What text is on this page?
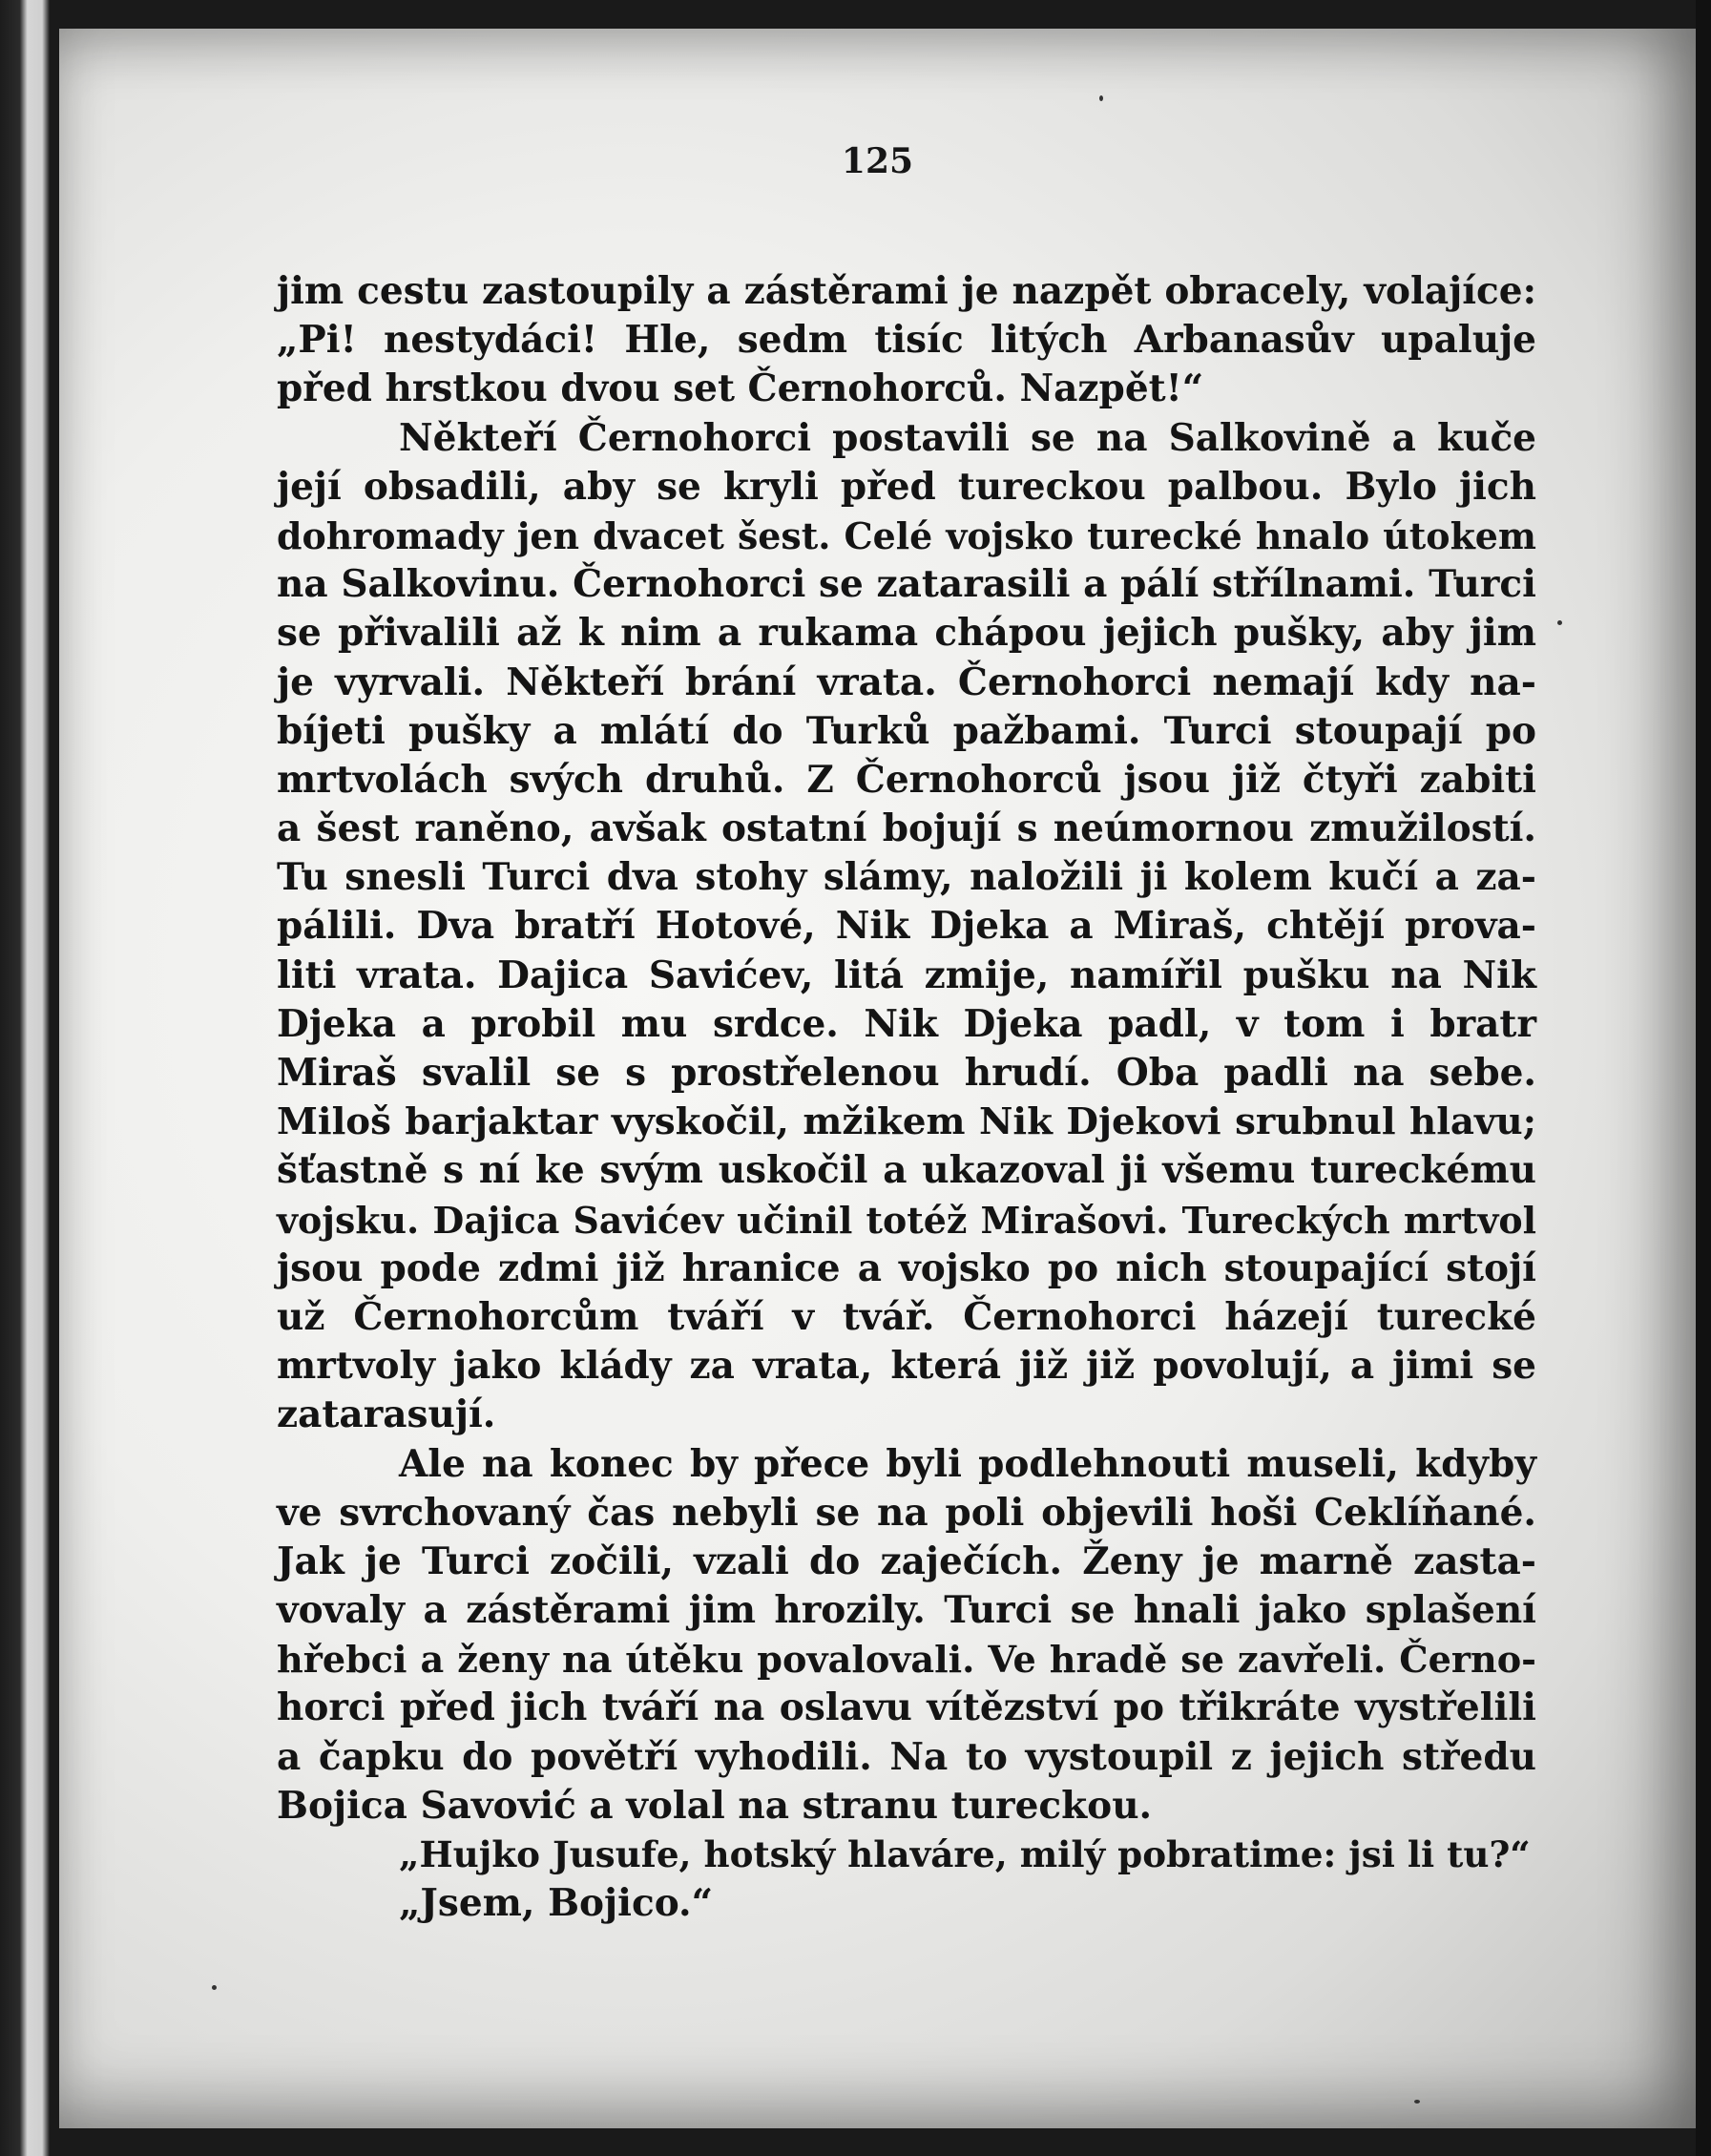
125

jim cestu zastoupily a zástěrami je nazpět obracely, volajíce:
„Pi! nestydáci! Hle, sedm tisíc litých Arbanasův upaluje
před hrstkou dvou set Černohorců. Nazpět!“
Někteří Černohorci postavili se na Salkovině a kuče
její obsadili, aby se kryli před tureckou palbou. Bylo jich
dohromady jen dvacet šest. Celé vojsko turecké hnalo útokem
na Salkovinu. Černohorci se zatarasili a pálí střílnami. Turci
se přivalili až k nim a rukama chápou jejich pušky, aby jim
je vyrvali. Někteří brání vrata. Černohorci nemají kdy na-
bíjeti pušky a mlátí do Turků pažbami. Turci stoupají po
mrtvolách svých druhů. Z Černohorců jsou již čtyři zabiti
a šest raněno, avšak ostatní bojují s neúmornou zmužilostí.
Tu snesli Turci dva stohy slámy, naložili ji kolem kučí a za-
pálili. Dva bratří Hotové, Nik Djeka a Miraš, chtějí prova-
liti vrata. Dajica Savićev, litá zmije, namířil pušku na Nik
Djeka a probil mu srdce. Nik Djeka padl, v tom i bratr
Miraš svalil se s prostřelenou hrudí. Oba padli na sebe.
Miloš barjaktar vyskočil, mžikem Nik Djekovi srubnul hlavu;
šťastně s ní ke svým uskočil a ukazoval ji všemu tureckému
vojsku. Dajica Savićev učinil totéž Mirašovi. Tureckých mrtvol
jsou pode zdmi již hranice a vojsko po nich stoupající stojí
už Černohorcům tváří v tvář. Černohorci házejí turecké
mrtvoly jako klády za vrata, která již již povolují, a jimi se
zatarasují.
Ale na konec by přece byli podlehnouti museli, kdyby
ve svrchovaný čas nebyli se na poli objevili hoši Ceklíňané.
Jak je Turci zočili, vzali do zaječích. Ženy je marně zasta-
vovaly a zástěrami jim hrozily. Turci se hnali jako splašení
hřebci a ženy na útěku povalovali. Ve hradě se zavřeli. Černo-
horci před jich tváří na oslavu vítězství po třikráte vystřelili
a čapku do povětří vyhodili. Na to vystoupil z jejich středu
Bojica Savović a volal na stranu tureckou.
„Hujko Jusufe, hotský hlaváre, milý pobratime: jsi li tu?“
„Jsem, Bojico.“
